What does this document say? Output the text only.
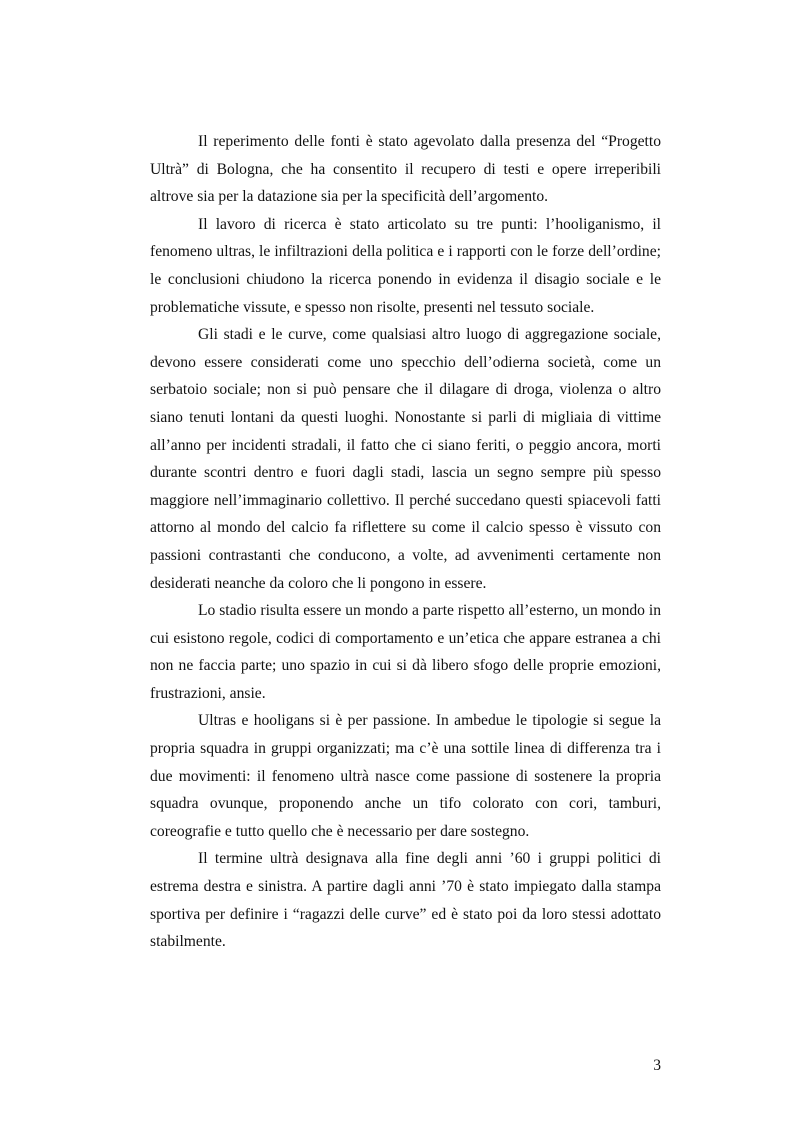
Il reperimento delle fonti è stato agevolato dalla presenza del “Progetto Ultrà” di Bologna, che ha consentito il recupero di testi e opere irreperibili altrove sia per la datazione sia per la specificità dell’argomento.

Il lavoro di ricerca è stato articolato su tre punti: l’hooliganismo, il fenomeno ultras, le infiltrazioni della politica e i rapporti con le forze dell’ordine; le conclusioni chiudono la ricerca ponendo in evidenza il disagio sociale e le problematiche vissute, e spesso non risolte, presenti nel tessuto sociale.

Gli stadi e le curve, come qualsiasi altro luogo di aggregazione sociale, devono essere considerati come uno specchio dell’odierna società, come un serbatoio sociale; non si può pensare che il dilagare di droga, violenza o altro siano tenuti lontani da questi luoghi. Nonostante si parli di migliaia di vittime all’anno per incidenti stradali, il fatto che ci siano feriti, o peggio ancora, morti durante scontri dentro e fuori dagli stadi, lascia un segno sempre più spesso maggiore nell’immaginario collettivo. Il perché succedano questi spiacevoli fatti attorno al mondo del calcio fa riflettere su come il calcio spesso è vissuto con passioni contrastanti che conducono, a volte, ad avvenimenti certamente non desiderati neanche da coloro che li pongono in essere.

Lo stadio risulta essere un mondo a parte rispetto all’esterno, un mondo in cui esistono regole, codici di comportamento e un’etica che appare estranea a chi non ne faccia parte; uno spazio in cui si dà libero sfogo delle proprie emozioni, frustrazioni, ansie.

Ultras e hooligans si è per passione. In ambedue le tipologie si segue la propria squadra in gruppi organizzati; ma c’è una sottile linea di differenza tra i due movimenti: il fenomeno ultrà nasce come passione di sostenere la propria squadra ovunque, proponendo anche un tifo colorato con cori, tamburi, coreografie e tutto quello che è necessario per dare sostegno.

Il termine ultrà designava alla fine degli anni ’60 i gruppi politici di estrema destra e sinistra. A partire dagli anni ’70 è stato impiegato dalla stampa sportiva per definire i “ragazzi delle curve” ed è stato poi da loro stessi adottato stabilmente.

3
